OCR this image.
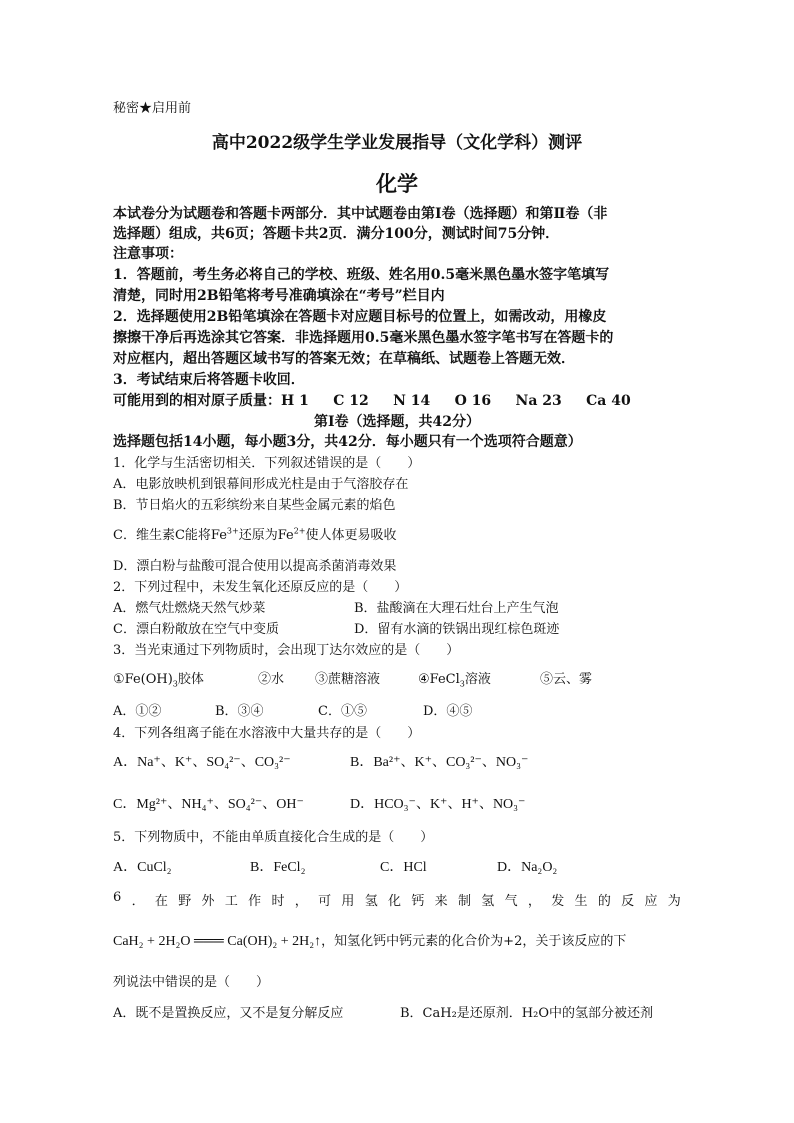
秘密★启用前
高中2022级学生学业发展指导（文化学科）测评
化学
本试卷分为试题卷和答题卡两部分．其中试题卷由第Ⅰ卷（选择题）和第Ⅱ卷（非
选择题）组成，共6页；答题卡共2页．满分100分，测试时间75分钟．
注意事项：
1．答题前，考生务必将自己的学校、班级、姓名用0.5毫米黑色墨水签字笔填写
清楚，同时用2B铅笔将考号准确填涂在“考号”栏目内
2．选择题使用2B铅笔填涂在答题卡对应题目标号的位置上，如需改动，用橡皮
擦擦干净后再选涂其它答案．非选择题用0.5毫米黑色墨水签字笔书写在答题卡的
对应框内，超出答题区域书写的答案无效；在草稿纸、试题卷上答题无效．
3．考试结束后将答题卡收回．
可能用到的相对原子质量：H 1     C 12     N 14     O 16     Na 23     Ca 40
第Ⅰ卷（选择题，共42分）
选择题包括14小题，每小题3分，共42分．每小题只有一个选项符合题意）
1．化学与生活密切相关．下列叙述错误的是（　　）
A．电影放映机到银幕间形成光柱是由于气溶胶存在
B．节日焰火的五彩缤纷来自某些金属元素的焰色
C．维生素C能将$Fe^{3+}$还原为$Fe^{2+}$使人体更易吸收
D．漂白粉与盐酸可混合使用以提高杀菌消毒效果
2．下列过程中，未发生氧化还原反应的是（　　）
A．燃气灶燃烧天然气炒菜	B．盐酸滴在大理石灶台上产生气泡
C．漂白粉敞放在空气中变质	D．留有水滴的铁锅出现红棕色斑迹
3．当光束通过下列物质时，会出现丁达尔效应的是（　　）
$①Fe(OH)_3$胶体	②水 ③蔗糖溶液	④FeCl$_3$溶液	⑤云、雾
A．①②	B．③④	C．①⑤	D．④⑤
4．下列各组离子能在水溶液中大量共存的是（　　）
A．Na⁺、K⁺、SO₄²⁻、CO₃²⁻	B．Ba²⁺、K⁺、CO₃²⁻、NO₃⁻
C．Mg²⁺、NH₄⁺、SO₄²⁻、OH⁻	D．HCO₃⁻、K⁺、H⁺、NO₃⁻
5．下列物质中，不能由单质直接化合生成的是（　　）
A．CuCl₂	B．FeCl₂	C．HCl	D．Na₂O₂
6 ． 在 野 外 工 作 时 ， 可 用 氢 化 钙 来 制 氢 气 ， 发 生 的 反 应 为
CaH₂ + 2H₂O ═══ Ca(OH)₂ + 2H₂↑，知氢化钙中钙元素的化合价为+2，关于该反应的下
列说法中错误的是（　　）
A．既不是置换反应，又不是复分解反应	B．CaH₂是还原剂．H₂O中的氢部分被还剂
